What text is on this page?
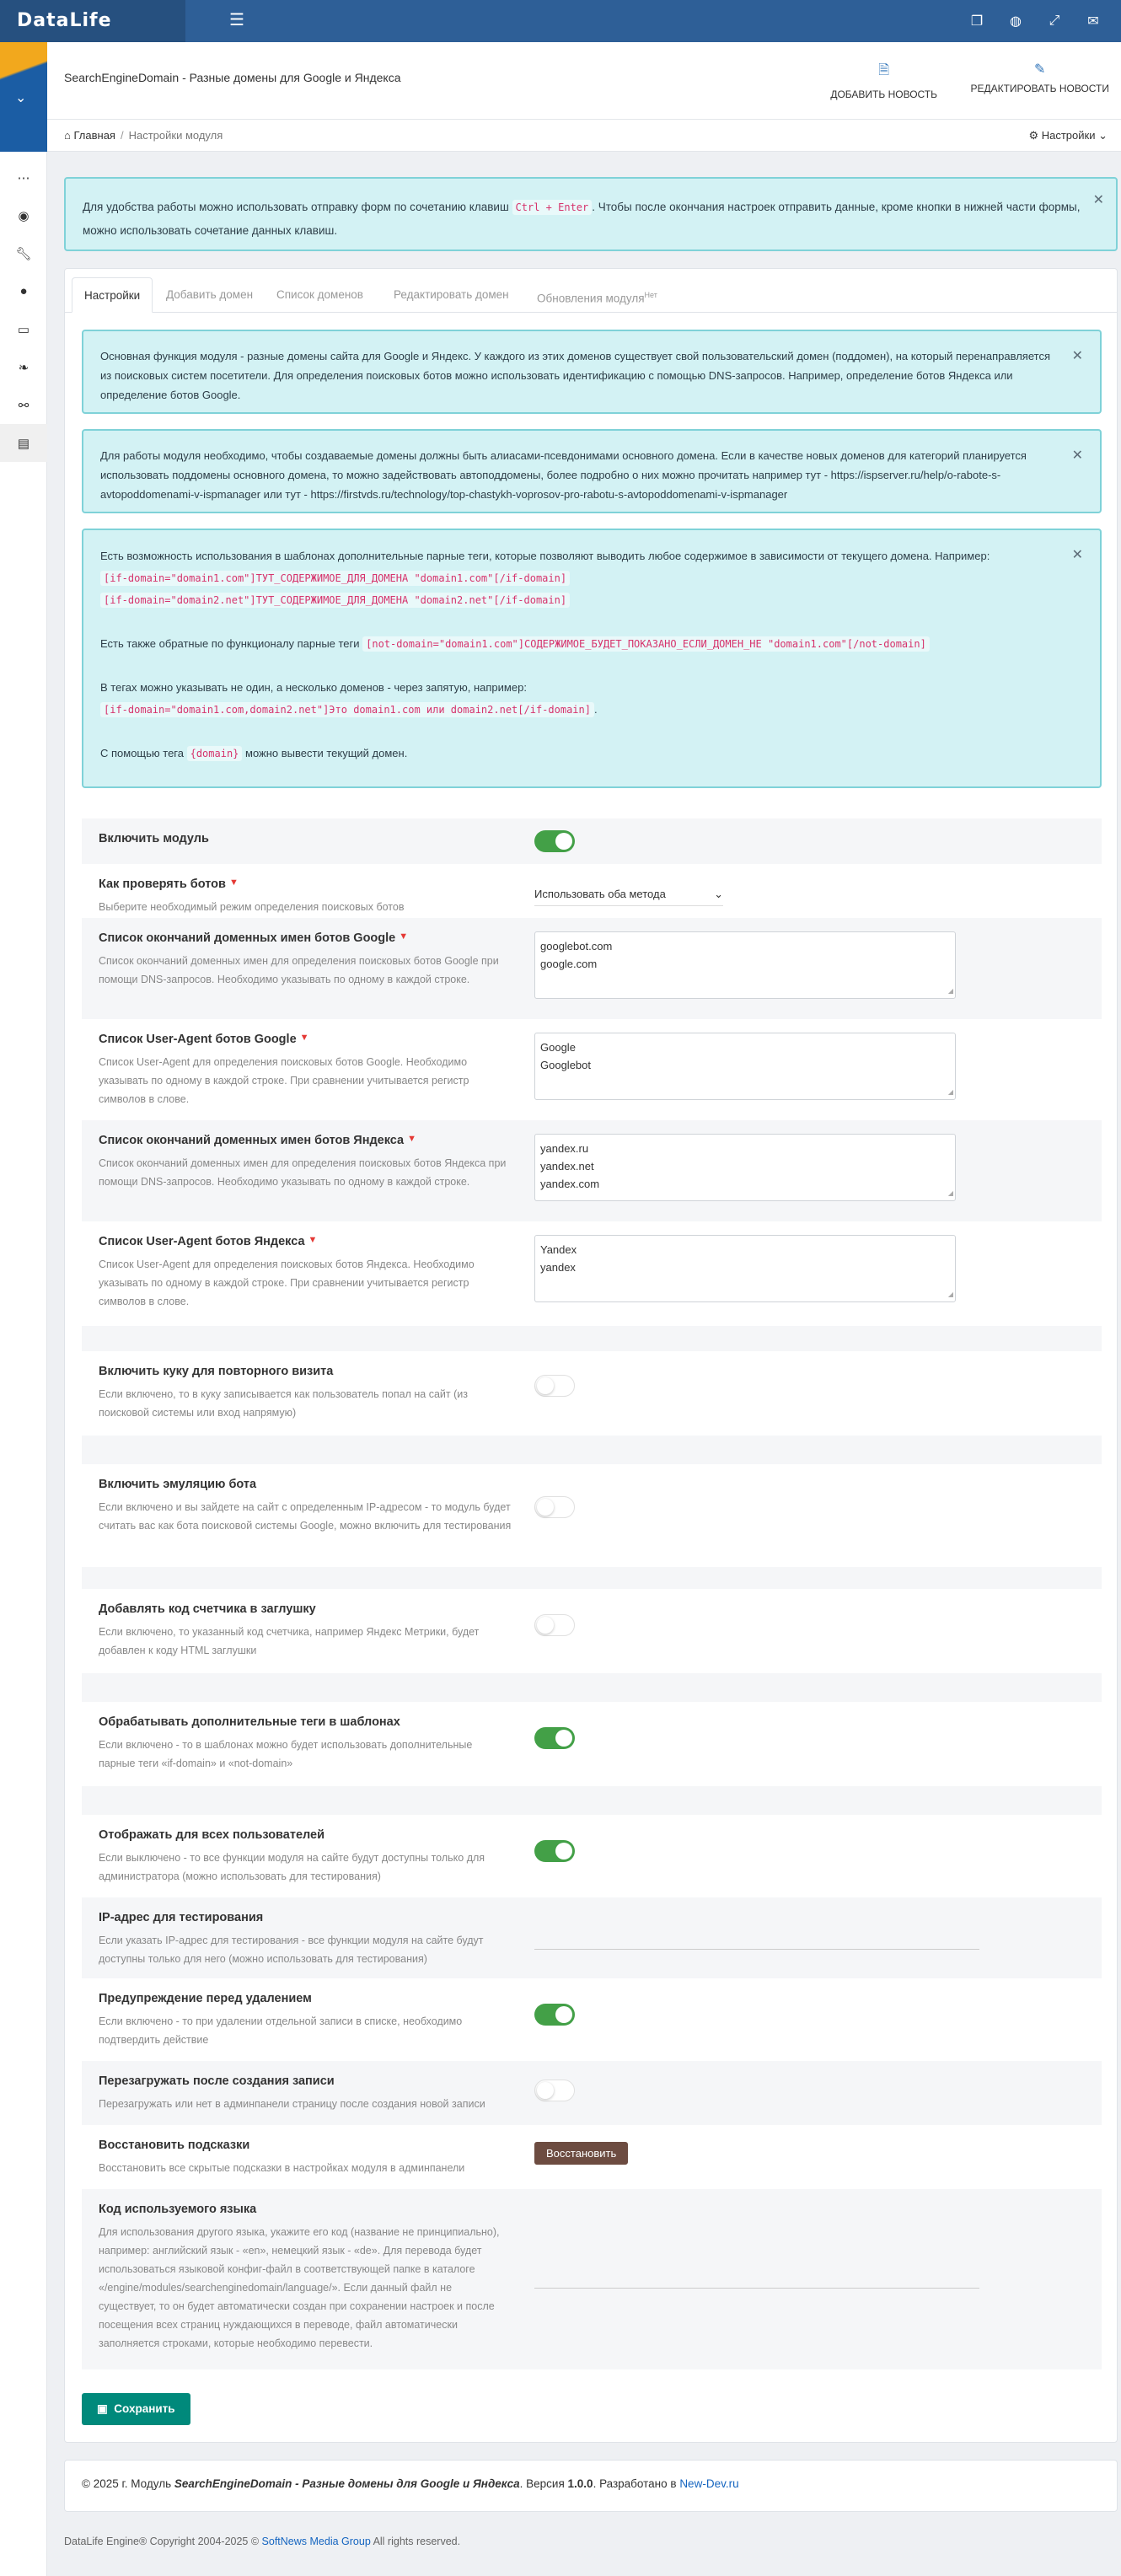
DataLife	☰	❐	◍	⤢	✉
⌄
⋯
◉
🔧︎
●
▭
❧
⚯
▤
SearchEngineDomain - Разные домены для Google и Яндекса	🗎︎
ДОБАВИТЬ НОВОСТЬ
✎
РЕДАКТИРОВАТЬ НОВОСТИ
⌂ Главная / Настройки модуля	⚙ Настройки ⌄
Для удобства работы можно использовать отправку форм по сочетанию клавиш Ctrl + Enter . Чтобы после окончания настроек отправить данные, кроме кнопки в нижней части формы, можно использовать сочетание данных клавиш.
✕
Настройки	Добавить домен	Список доменов	Редактировать домен	Обновления модуля$^{Нет}$

Основная функция модуля - разные домены сайта для Google и Яндекс. У каждого из этих доменов существует свой пользовательский домен (поддомен), на который перенаправляется из поисковых систем посетители. Для определения поисковых ботов можно использовать идентификацию с помощью DNS-запросов. Например, определение ботов Яндекса или определение ботов Google.

✕

Для работы модуля необходимо, чтобы создаваемые домены должны быть алиасами-псевдонимами основного домена. Если в качестве новых доменов для категорий планируется использовать поддомены основного домена, то можно задействовать автоподдомены, более подробно о них можно прочитать например тут - https://ispserver.ru/help/o-rabote-s-avtopoddomenami-v-ispmanager или тут - https://firstvds.ru/technology/top-chastykh-voprosov-pro-rabotu-s-avtopoddomenami-v-ispmanager

✕

Есть возможность использования в шаблонах дополнительные парные теги, которые позволяют выводить любое содержимое в зависимости от текущего домена. Например:

[if-domain="domain1.com"]ТУТ_СОДЕРЖИМОЕ_ДЛЯ_ДОМЕНА "domain1.com"[/if-domain]

[if-domain="domain2.net"]ТУТ_СОДЕРЖИМОЕ_ДЛЯ_ДОМЕНА "domain2.net"[/if-domain]

Есть также обратные по функционалу парные теги [not-domain="domain1.com"]СОДЕРЖИМОЕ_БУДЕТ_ПОКАЗАНО_ЕСЛИ_ДОМЕН_НЕ "domain1.com"[/not-domain]

В тегах можно указывать не один, а несколько доменов - через запятую, например:

[if-domain="domain1.com,domain2.net"]Это domain1.com или domain2.net[/if-domain] .

С помощью тега {domain} можно вывести текущий домен.

✕
Включить модуль
Как проверять ботов ▼
Выберите необходимый режим определения поисковых ботов
Использовать оба метода	⌄
Список окончаний доменных имен ботов Google ▼
Список окончаний доменных имен для определения поисковых ботов Google при помощи DNS-запросов. Необходимо указывать по одному в каждой строке.
googlebot.com
google.com ◢
Список User-Agent ботов Google ▼
Список User-Agent для определения поисковых ботов Google. Необходимо указывать по одному в каждой строке. При сравнении учитывается регистр символов в слове.
Google
Googlebot ◢
Список окончаний доменных имен ботов Яндекса ▼
Список окончаний доменных имен для определения поисковых ботов Яндекса при помощи DNS-запросов. Необходимо указывать по одному в каждой строке.
yandex.ru
yandex.net
yandex.com ◢
Список User-Agent ботов Яндекса ▼
Список User-Agent для определения поисковых ботов Яндекса. Необходимо указывать по одному в каждой строке. При сравнении учитывается регистр символов в слове.
Yandex
yandex ◢
Включить куку для повторного визита
Если включено, то в куку записывается как пользователь попал на сайт (из поисковой системы или вход напрямую)
Включить эмуляцию бота
Если включено и вы зайдете на сайт с определенным IP-адресом - то модуль будет считать вас как бота поисковой системы Google, можно включить для тестирования
Добавлять код счетчика в заглушку
Если включено, то указанный код счетчика, например Яндекс Метрики, будет добавлен к коду HTML заглушки
Обрабатывать дополнительные теги в шаблонах
Если включено - то в шаблонах можно будет использовать дополнительные парные теги «if-domain» и «not-domain»
Отображать для всех пользователей
Если выключено - то все функции модуля на сайте будут доступны только для администратора (можно использовать для тестирования)
IP-адрес для тестирования
Если указать IP-адрес для тестирования - все функции модуля на сайте будут доступны только для него (можно использовать для тестирования)
Предупреждение перед удалением
Если включено - то при удалении отдельной записи в списке, необходимо подтвердить действие
Перезагружать после создания записи
Перезагружать или нет в админпанели страницу после создания новой записи
Восстановить подсказки
Восстановить все скрытые подсказки в настройках модуля в админпанели
Восстановить
Код используемого языка
Для использования другого языка, укажите его код (название не принципиально), например: английский язык - «en», немецкий язык - «de». Для перевода будет использоваться языковой конфиг-файл в соответствующей папке в каталоге «/engine/modules/searchenginedomain/language/». Если данный файл не существует, то он будет автоматически создан при сохранении настроек и после посещения всех страниц нуждающихся в переводе, файл автоматически заполняется строками, которые необходимо перевести.
▣ Сохранить
© 2025 г. Модуль SearchEngineDomain - Разные домены для Google и Яндекса. Версия 1.0.0. Разработано в New-Dev.ru
DataLife Engine® Copyright 2004-2025 © SoftNews Media Group All rights reserved.
